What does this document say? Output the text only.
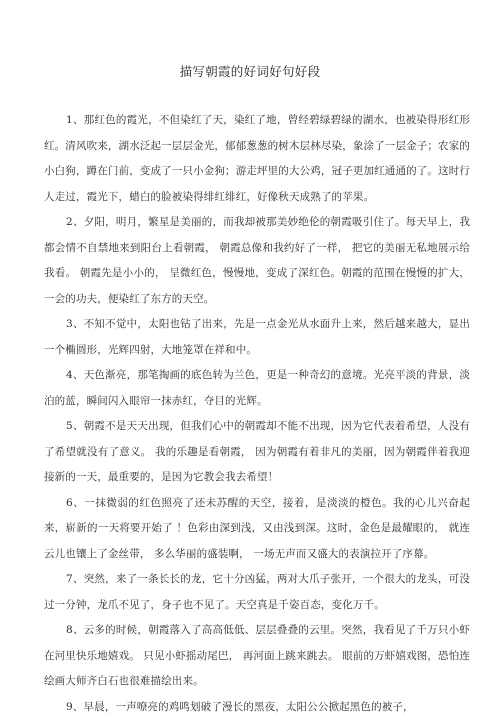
描写朝霞的好词好句好段

1、那红色的霞光，不但染红了天，染红了地，曾经碧绿碧绿的湖水，也被染得形红形红。清风吹来，湖水泛起一层层金光，郁郁葱葱的树木层林尽染，象涂了一层金子；农家的小白狗，蹲在门前，变成了一只小金狗；游走坪里的大公鸡，冠子更加红通通的了。这时行人走过，霞光下，蜡白的脸被染得绯红绯红，好像秋天成熟了的苹果。

2、夕阳，明月，繁星是美丽的，而我却被那美妙绝伦的朝霞吸引住了。每天早上，我都会情不自禁地来到阳台上看朝霞， 朝霞总像和我约好了一样， 把它的美丽无私地展示给我看。 朝霞先是小小的， 呈微红色，慢慢地，变成了深红色。朝霞的范围在慢慢的扩大，一会的功夫，便染红了东方的天空。

3、不知不觉中，太阳也钻了出来，先是一点金光从水面升上来，然后越来越大，显出一个椭圆形，光辉四射，大地笼罩在祥和中。

4、天色渐亮，那笔掏画的底色转为兰色，更是一种奇幻的意境。光亮平淡的背景，淡泊的蓝，瞬间闪入眼帘一抹赤红，夺目的光辉。

5、朝霞不是天天出现，但我们心中的朝霞却不能不出现，因为它代表着希望，人没有了希望就没有了意义。 我的乐趣是看朝霞， 因为朝霞有着非凡的美丽，因为朝霞伴着我迎接新的一天，最重要的，是因为它教会我去希望！

6、一抹微弱的红色照亮了还未苏醒的天空，接着，是淡淡的橙色。我的心儿兴奋起来，崭新的一天将要开始了 ！色彩由深到浅，又由浅到深。这时，金色是最耀眼的， 就连云儿也镶上了金丝带， 多么华丽的盛装啊， 一场无声而又盛大的表演拉开了序幕。

7、突然，来了一条长长的龙，它十分凶猛，两对大爪子张开，一个很大的龙头，可没过一分钟，龙爪不见了，身子也不见了。天空真是千姿百态，变化万千。

8、云多的时候，朝霞落入了高高低低、层层叠叠的云里。突然，我看见了千万只小虾在河里快乐地嬉戏。 只见小虾摇动尾巴， 再河面上跳来跳去。 眼前的万虾嬉戏图，恐怕连绘画大师齐白石也很难描绘出来。

9、早晨，一声嘹亮的鸡鸣划破了漫长的黑夜，太阳公公掀起黑色的被子，
